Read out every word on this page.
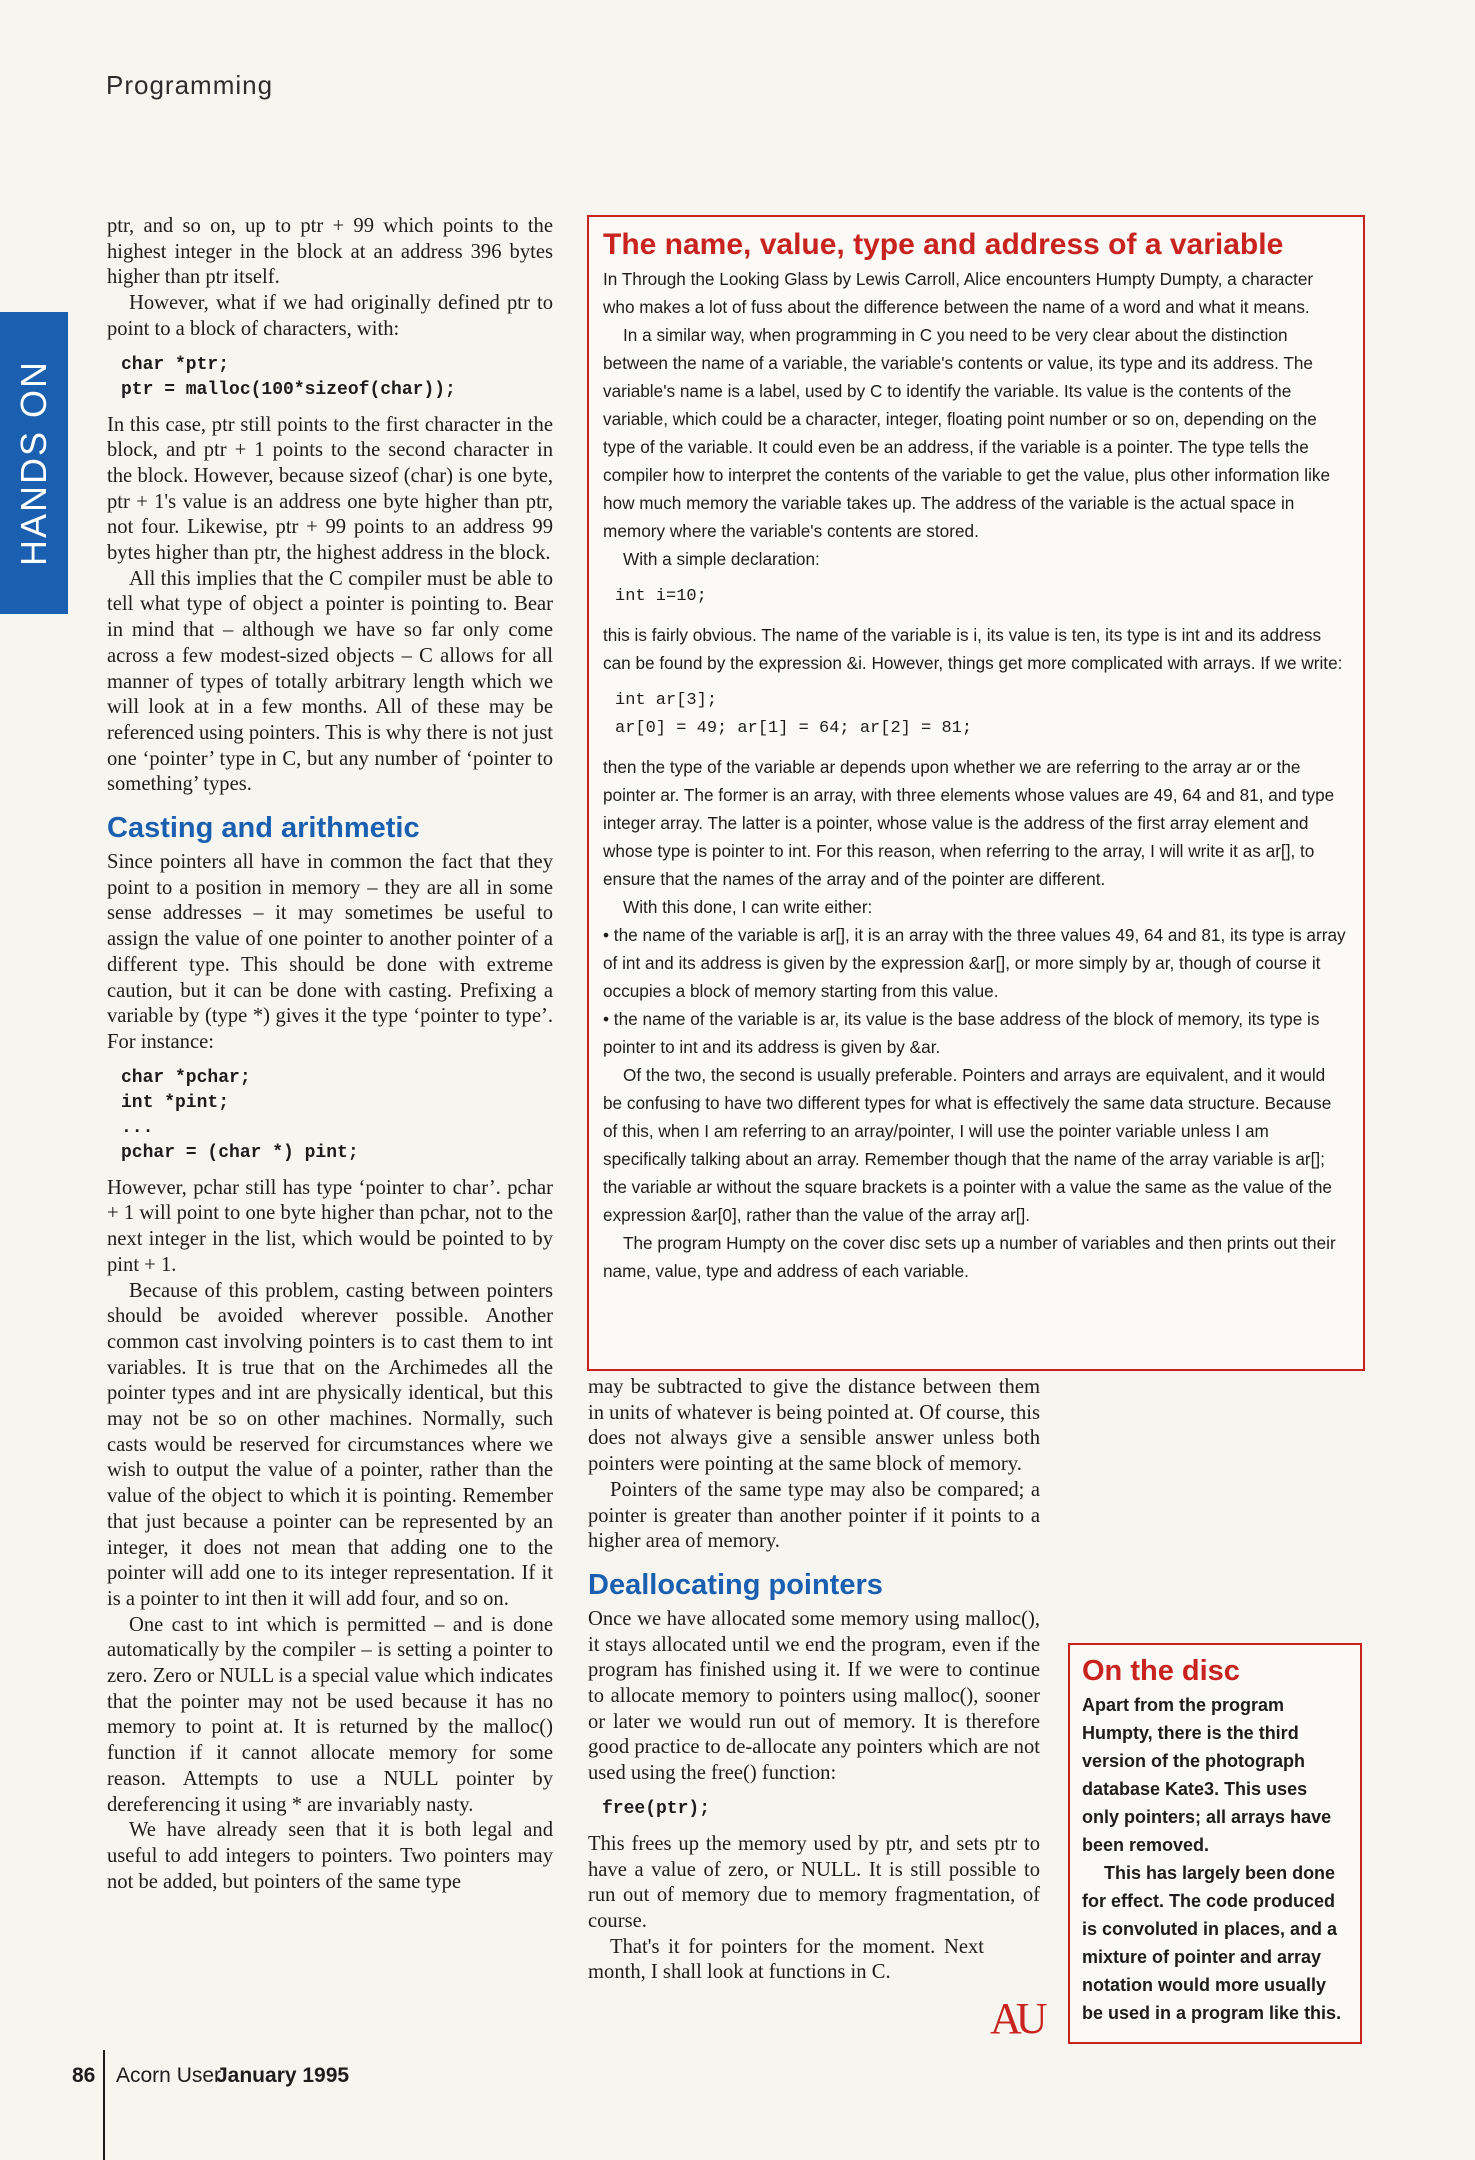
Programming
HANDS ON

ptr, and so on, up to ptr + 99 which points to the highest integer in the block at an address 396 bytes higher than ptr itself.

However, what if we had originally defined ptr to point to a block of characters, with:

char *ptr;
ptr = malloc(100*sizeof(char));

In this case, ptr still points to the first character in the block, and ptr + 1 points to the second character in the block. However, because sizeof (char) is one byte, ptr + 1's value is an address one byte higher than ptr, not four. Likewise, ptr + 99 points to an address 99 bytes higher than ptr, the highest address in the block.

All this implies that the C compiler must be able to tell what type of object a pointer is pointing to. Bear in mind that – although we have so far only come across a few modest-sized objects – C allows for all manner of types of totally arbitrary length which we will look at in a few months. All of these may be referenced using pointers. This is why there is not just one ‘pointer’ type in C, but any number of ‘pointer to something’ types.

Casting and arithmetic

Since pointers all have in common the fact that they point to a position in memory – they are all in some sense addresses – it may sometimes be useful to assign the value of one pointer to another pointer of a different type. This should be done with extreme caution, but it can be done with casting. Prefixing a variable by (type *) gives it the type ‘pointer to type’. For instance:

char *pchar;
int *pint;
...
pchar = (char *) pint;

However, pchar still has type ‘pointer to char’. pchar + 1 will point to one byte higher than pchar, not to the next integer in the list, which would be pointed to by pint + 1.

Because of this problem, casting between pointers should be avoided wherever possible. Another common cast involving pointers is to cast them to int variables. It is true that on the Archimedes all the pointer types and int are physically identical, but this may not be so on other machines. Normally, such casts would be reserved for circumstances where we wish to output the value of a pointer, rather than the value of the object to which it is pointing. Remember that just because a pointer can be represented by an integer, it does not mean that adding one to the pointer will add one to its integer representation. If it is a pointer to int then it will add four, and so on.

One cast to int which is permitted – and is done automatically by the compiler – is setting a pointer to zero. Zero or NULL is a special value which indicates that the pointer may not be used because it has no memory to point at. It is returned by the malloc() function if it cannot allocate memory for some reason. Attempts to use a NULL pointer by dereferencing it using * are invariably nasty.

We have already seen that it is both legal and useful to add integers to pointers. Two pointers may not be added, but pointers of the same type

The name, value, type and address of a variable

In Through the Looking Glass by Lewis Carroll, Alice encounters Humpty Dumpty, a character who makes a lot of fuss about the difference between the name of a word and what it means.

In a similar way, when programming in C you need to be very clear about the distinction between the name of a variable, the variable's contents or value, its type and its address. The variable's name is a label, used by C to identify the variable. Its value is the contents of the variable, which could be a character, integer, floating point number or so on, depending on the type of the variable. It could even be an address, if the variable is a pointer. The type tells the compiler how to interpret the contents of the variable to get the value, plus other information like how much memory the variable takes up. The address of the variable is the actual space in memory where the variable's contents are stored.

With a simple declaration:

int i=10;

this is fairly obvious. The name of the variable is i, its value is ten, its type is int and its address can be found by the expression &i. However, things get more complicated with arrays. If we write:

int ar[3];
ar[0] = 49; ar[1] = 64; ar[2] = 81;

then the type of the variable ar depends upon whether we are referring to the array ar or the pointer ar. The former is an array, with three elements whose values are 49, 64 and 81, and type integer array. The latter is a pointer, whose value is the address of the first array element and whose type is pointer to int. For this reason, when referring to the array, I will write it as ar[], to ensure that the names of the array and of the pointer are different.

With this done, I can write either:

• the name of the variable is ar[], it is an array with the three values 49, 64 and 81, its type is array of int and its address is given by the expression &ar[], or more simply by ar, though of course it occupies a block of memory starting from this value.

• the name of the variable is ar, its value is the base address of the block of memory, its type is pointer to int and its address is given by &ar.

Of the two, the second is usually preferable. Pointers and arrays are equivalent, and it would be confusing to have two different types for what is effectively the same data structure. Because of this, when I am referring to an array/pointer, I will use the pointer variable unless I am specifically talking about an array. Remember though that the name of the array variable is ar[]; the variable ar without the square brackets is a pointer with a value the same as the value of the expression &ar[0], rather than the value of the array ar[].

The program Humpty on the cover disc sets up a number of variables and then prints out their name, value, type and address of each variable.

may be subtracted to give the distance between them in units of whatever is being pointed at. Of course, this does not always give a sensible answer unless both pointers were pointing at the same block of memory.

Pointers of the same type may also be compared; a pointer is greater than another pointer if it points to a higher area of memory.

Deallocating pointers

Once we have allocated some memory using malloc(), it stays allocated until we end the program, even if the program has finished using it. If we were to continue to allocate memory to pointers using malloc(), sooner or later we would run out of memory. It is therefore good practice to de-allocate any pointers which are not used using the free() function:

free(ptr);

This frees up the memory used by ptr, and sets ptr to have a value of zero, or NULL. It is still possible to run out of memory due to memory fragmentation, of course.

That's it for pointers for the moment. Next month, I shall look at functions in C.

AU
On the disc

Apart from the program Humpty, there is the third version of the photograph database Kate3. This uses only pointers; all arrays have been removed.

This has largely been done for effect. The code produced is convoluted in places, and a mixture of pointer and array notation would more usually be used in a program like this.

86 Acorn User
January 1995
